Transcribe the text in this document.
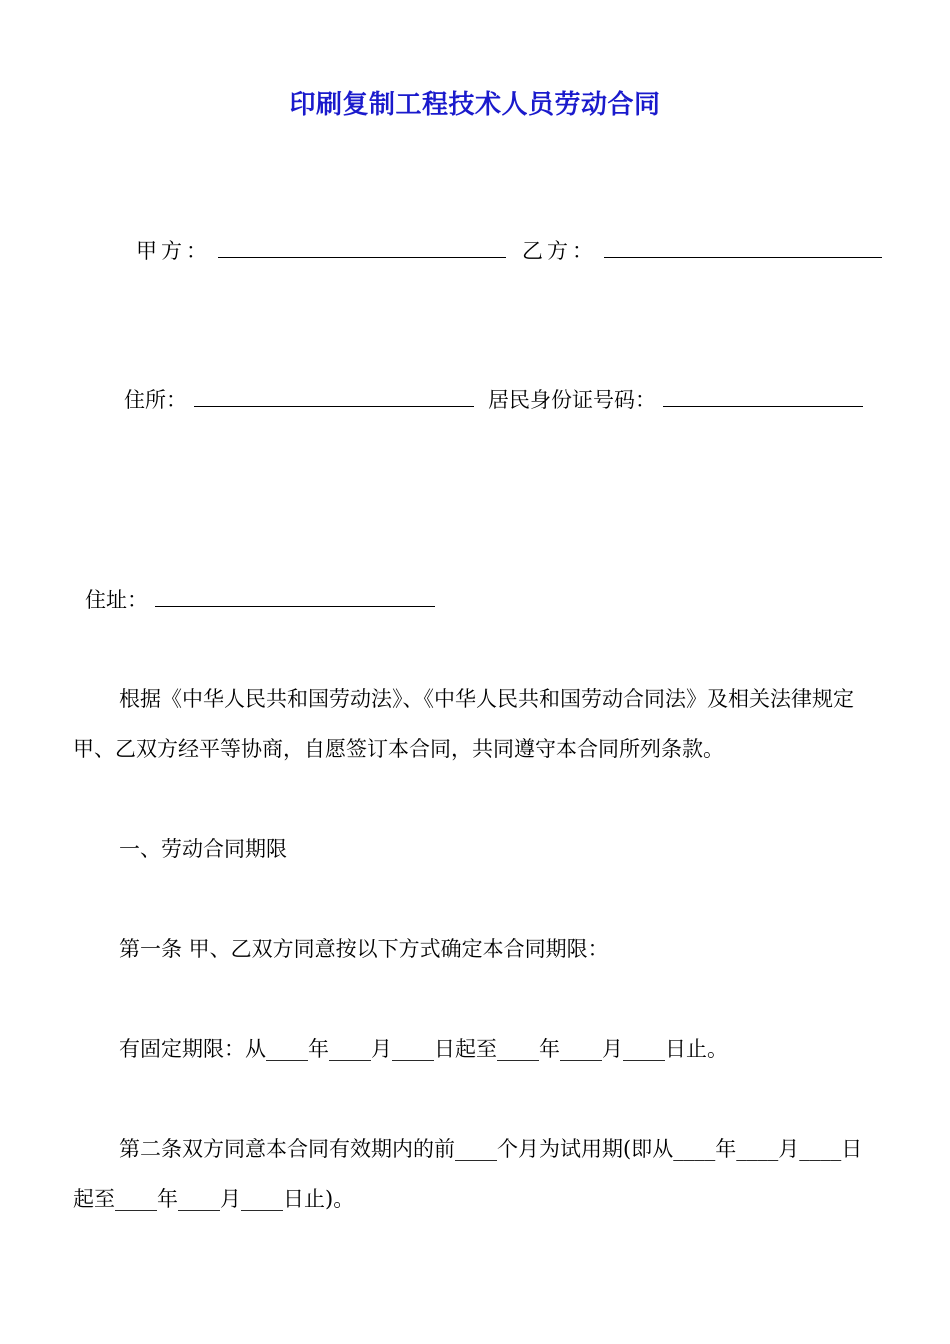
印刷复制工程技术人员劳动合同
甲方：	乙方：
住所：	居民身份证号码：
住址：
根据《中华人民共和国劳动法》、《中华人民共和国劳动合同法》及相关法律规定甲、乙双方经平等协商，自愿签订本合同，共同遵守本合同所列条款。
一、劳动合同期限
第一条 甲、乙双方同意按以下方式确定本合同期限：
有固定期限：从____年____月____日起至____年____月____日止。
第二条双方同意本合同有效期内的前____个月为试用期(即从____年____月____日起至____年____月____日止)。
